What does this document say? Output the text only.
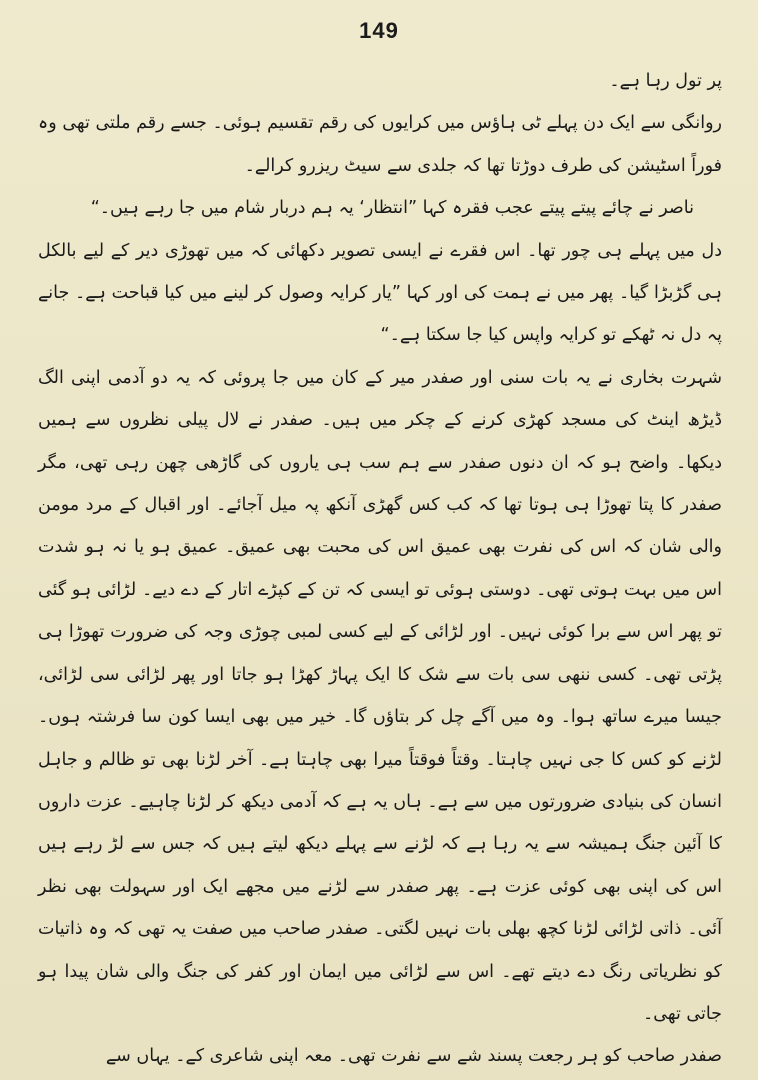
149

پر تول رہا ہے۔

روانگی سے ایک دن پہلے ٹی ہاؤس میں کرایوں کی رقم تقسیم ہوئی۔ جسے رقم ملتی تھی وہ فوراً اسٹیشن کی طرف دوڑتا تھا کہ جلدی سے سیٹ ریزرو کرالے۔

ناصر نے چائے پیتے پیتے عجب فقرہ کہا ”انتظار‘ یہ ہم دربار شام میں جا رہے ہیں۔“

دل میں پہلے ہی چور تھا۔ اس فقرے نے ایسی تصویر دکھائی کہ میں تھوڑی دیر کے لیے بالکل ہی گڑبڑا گیا۔ پھر میں نے ہمت کی اور کہا ”یار کرایہ وصول کر لینے میں کیا قباحت ہے۔ جانے پہ دل نہ ٹھکے تو کرایہ واپس کیا جا سکتا ہے۔“

شہرت بخاری نے یہ بات سنی اور صفدر میر کے کان میں جا پروئی کہ یہ دو آدمی اپنی الگ ڈیڑھ اینٹ کی مسجد کھڑی کرنے کے چکر میں ہیں۔ صفدر نے لال پیلی نظروں سے ہمیں دیکھا۔ واضح ہو کہ ان دنوں صفدر سے ہم سب ہی یاروں کی گاڑھی چھن رہی تھی، مگر صفدر کا پتا تھوڑا ہی ہوتا تھا کہ کب کس گھڑی آنکھ پہ میل آجائے۔ اور اقبال کے مرد مومن والی شان کہ اس کی نفرت بھی عمیق اس کی محبت بھی عمیق۔ عمیق ہو یا نہ ہو شدت اس میں بہت ہوتی تھی۔ دوستی ہوئی تو ایسی کہ تن کے کپڑے اتار کے دے دیے۔ لڑائی ہو گئی تو پھر اس سے برا کوئی نہیں۔ اور لڑائی کے لیے کسی لمبی چوڑی وجہ کی ضرورت تھوڑا ہی پڑتی تھی۔ کسی ننھی سی بات سے شک کا ایک پہاڑ کھڑا ہو جاتا اور پھر لڑائی سی لڑائی، جیسا میرے ساتھ ہوا۔ وہ میں آگے چل کر بتاؤں گا۔ خیر میں بھی ایسا کون سا فرشتہ ہوں۔ لڑنے کو کس کا جی نہیں چاہتا۔ وقتاً فوقتاً میرا بھی چاہتا ہے۔ آخر لڑنا بھی تو ظالم و جاہل انسان کی بنیادی ضرورتوں میں سے ہے۔ ہاں یہ ہے کہ آدمی دیکھ کر لڑنا چاہیے۔ عزت داروں کا آئین جنگ ہمیشہ سے یہ رہا ہے کہ لڑنے سے پہلے دیکھ لیتے ہیں کہ جس سے لڑ رہے ہیں اس کی اپنی بھی کوئی عزت ہے۔ پھر صفدر سے لڑنے میں مجھے ایک اور سہولت بھی نظر آئی۔ ذاتی لڑائی لڑنا کچھ بھلی بات نہیں لگتی۔ صفدر صاحب میں صفت یہ تھی کہ وہ ذاتیات کو نظریاتی رنگ دے دیتے تھے۔ اس سے لڑائی میں ایمان اور کفر کی جنگ والی شان پیدا ہو جاتی تھی۔

صفدر صاحب کو ہر رجعت پسند شے سے نفرت تھی۔ معہ اپنی شاعری کے۔ یہاں سے
